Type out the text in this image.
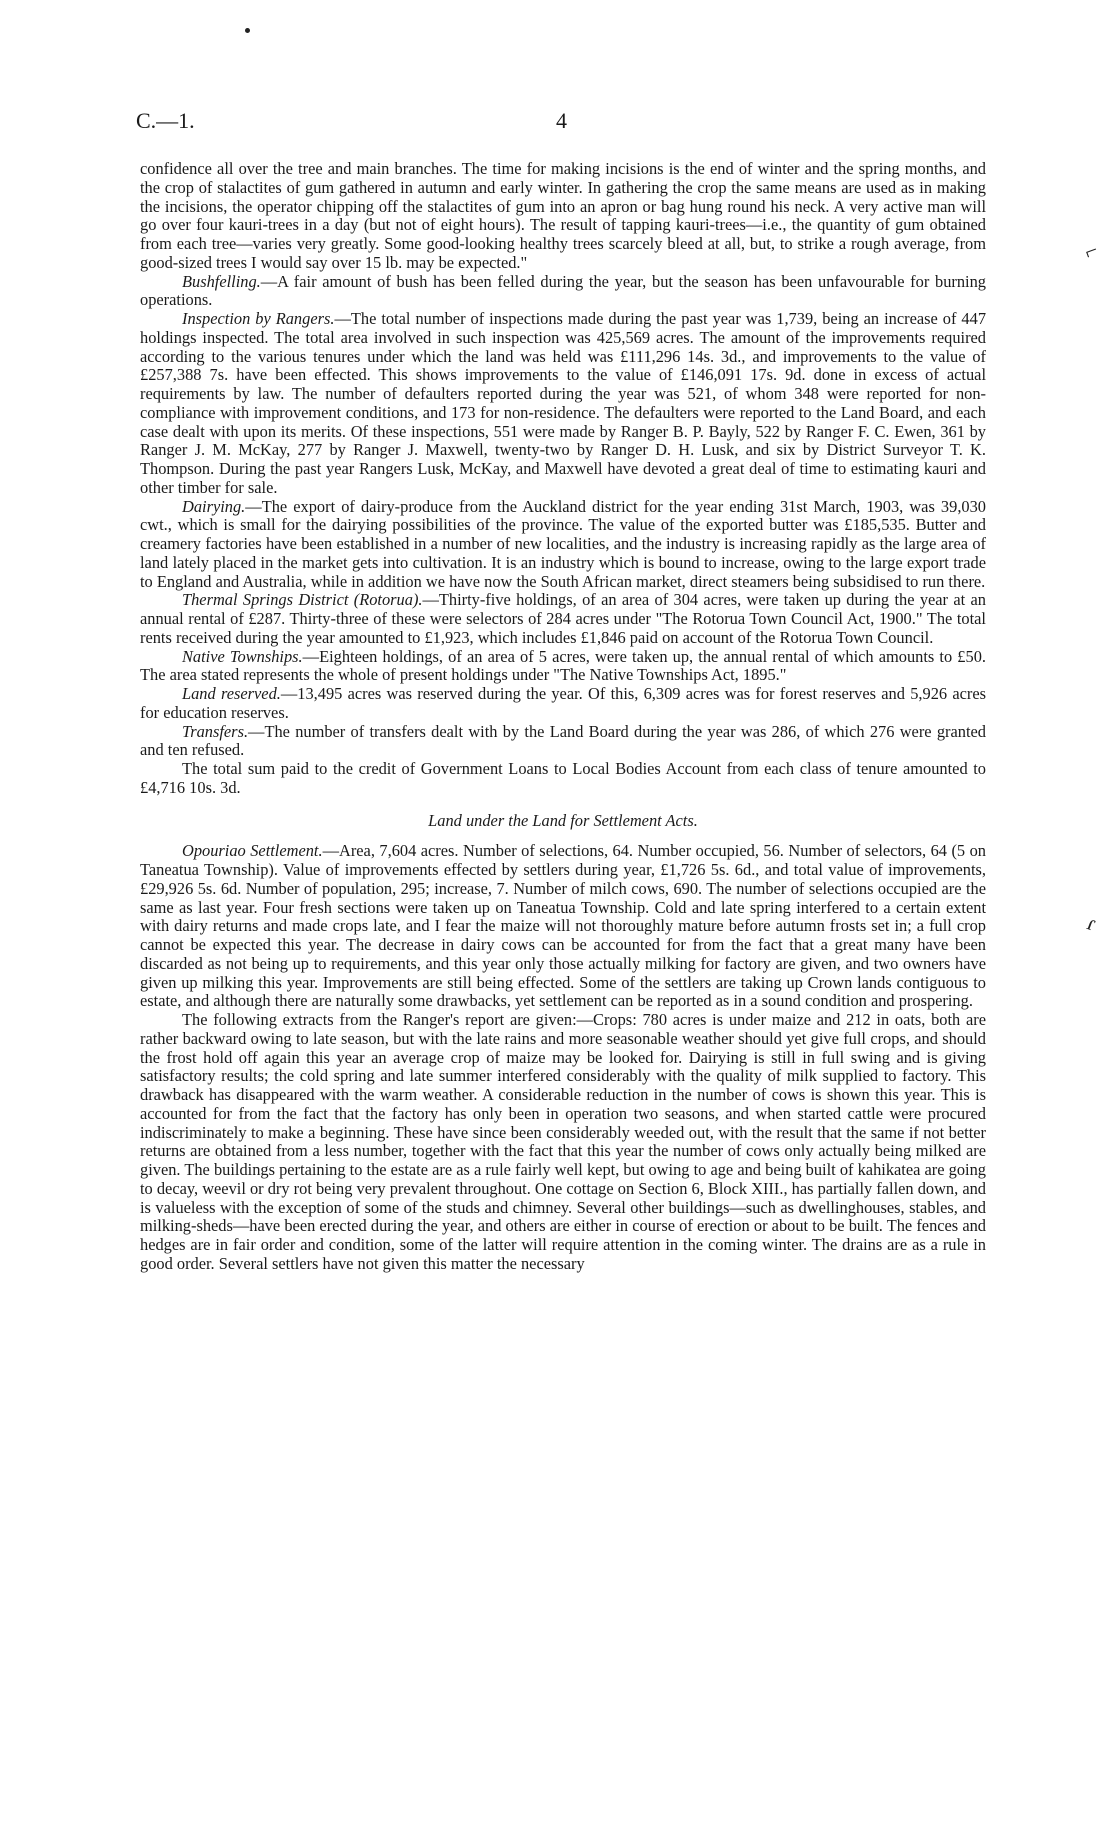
C.—1.	4
⌐
ɾ

confidence all over the tree and main branches. The time for making incisions is the end of winter and the spring months, and the crop of stalactites of gum gathered in autumn and early winter. In gathering the crop the same means are used as in making the incisions, the operator chipping off the stalactites of gum into an apron or bag hung round his neck. A very active man will go over four kauri-trees in a day (but not of eight hours). The result of tapping kauri-trees—i.e., the quantity of gum obtained from each tree—varies very greatly. Some good-looking healthy trees scarcely bleed at all, but, to strike a rough average, from good-sized trees I would say over 15 lb. may be expected."

Bushfelling.—A fair amount of bush has been felled during the year, but the season has been unfavourable for burning operations.

Inspection by Rangers.—The total number of inspections made during the past year was 1,739, being an increase of 447 holdings inspected. The total area involved in such inspection was 425,569 acres. The amount of the improvements required according to the various tenures under which the land was held was £111,296 14s. 3d., and improvements to the value of £257,388 7s. have been effected. This shows improvements to the value of £146,091 17s. 9d. done in excess of actual requirements by law. The number of defaulters reported during the year was 521, of whom 348 were reported for non-compliance with improvement conditions, and 173 for non-residence. The defaulters were reported to the Land Board, and each case dealt with upon its merits. Of these inspections, 551 were made by Ranger B. P. Bayly, 522 by Ranger F. C. Ewen, 361 by Ranger J. M. McKay, 277 by Ranger J. Maxwell, twenty-two by Ranger D. H. Lusk, and six by District Surveyor T. K. Thompson. During the past year Rangers Lusk, McKay, and Maxwell have devoted a great deal of time to estimating kauri and other timber for sale.

Dairying.—The export of dairy-produce from the Auckland district for the year ending 31st March, 1903, was 39,030 cwt., which is small for the dairying possibilities of the province. The value of the exported butter was £185,535. Butter and creamery factories have been established in a number of new localities, and the industry is increasing rapidly as the large area of land lately placed in the market gets into cultivation. It is an industry which is bound to increase, owing to the large export trade to England and Australia, while in addition we have now the South African market, direct steamers being subsidised to run there.

Thermal Springs District (Rotorua).—Thirty-five holdings, of an area of 304 acres, were taken up during the year at an annual rental of £287. Thirty-three of these were selectors of 284 acres under "The Rotorua Town Council Act, 1900." The total rents received during the year amounted to £1,923, which includes £1,846 paid on account of the Rotorua Town Council.

Native Townships.—Eighteen holdings, of an area of 5 acres, were taken up, the annual rental of which amounts to £50. The area stated represents the whole of present holdings under "The Native Townships Act, 1895."

Land reserved.—13,495 acres was reserved during the year. Of this, 6,309 acres was for forest reserves and 5,926 acres for education reserves.

Transfers.—The number of transfers dealt with by the Land Board during the year was 286, of which 276 were granted and ten refused.

The total sum paid to the credit of Government Loans to Local Bodies Account from each class of tenure amounted to £4,716 10s. 3d.

Land under the Land for Settlement Acts.

Opouriao Settlement.—Area, 7,604 acres. Number of selections, 64. Number occupied, 56. Number of selectors, 64 (5 on Taneatua Township). Value of improvements effected by settlers during year, £1,726 5s. 6d., and total value of improvements, £29,926 5s. 6d. Number of population, 295; increase, 7. Number of milch cows, 690. The number of selections occupied are the same as last year. Four fresh sections were taken up on Taneatua Township. Cold and late spring interfered to a certain extent with dairy returns and made crops late, and I fear the maize will not thoroughly mature before autumn frosts set in; a full crop cannot be expected this year. The decrease in dairy cows can be accounted for from the fact that a great many have been discarded as not being up to requirements, and this year only those actually milking for factory are given, and two owners have given up milking this year. Improvements are still being effected. Some of the settlers are taking up Crown lands contiguous to estate, and although there are naturally some drawbacks, yet settlement can be reported as in a sound condition and prospering.

The following extracts from the Ranger's report are given:—Crops: 780 acres is under maize and 212 in oats, both are rather backward owing to late season, but with the late rains and more seasonable weather should yet give full crops, and should the frost hold off again this year an average crop of maize may be looked for. Dairying is still in full swing and is giving satisfactory results; the cold spring and late summer interfered considerably with the quality of milk supplied to factory. This drawback has disappeared with the warm weather. A considerable reduction in the number of cows is shown this year. This is accounted for from the fact that the factory has only been in operation two seasons, and when started cattle were procured indiscriminately to make a beginning. These have since been considerably weeded out, with the result that the same if not better returns are obtained from a less number, together with the fact that this year the number of cows only actually being milked are given. The buildings pertaining to the estate are as a rule fairly well kept, but owing to age and being built of kahikatea are going to decay, weevil or dry rot being very prevalent throughout. One cottage on Section 6, Block XIII., has partially fallen down, and is valueless with the exception of some of the studs and chimney. Several other buildings—such as dwellinghouses, stables, and milking-sheds—have been erected during the year, and others are either in course of erection or about to be built. The fences and hedges are in fair order and condition, some of the latter will require attention in the coming winter. The drains are as a rule in good order. Several settlers have not given this matter the necessary
